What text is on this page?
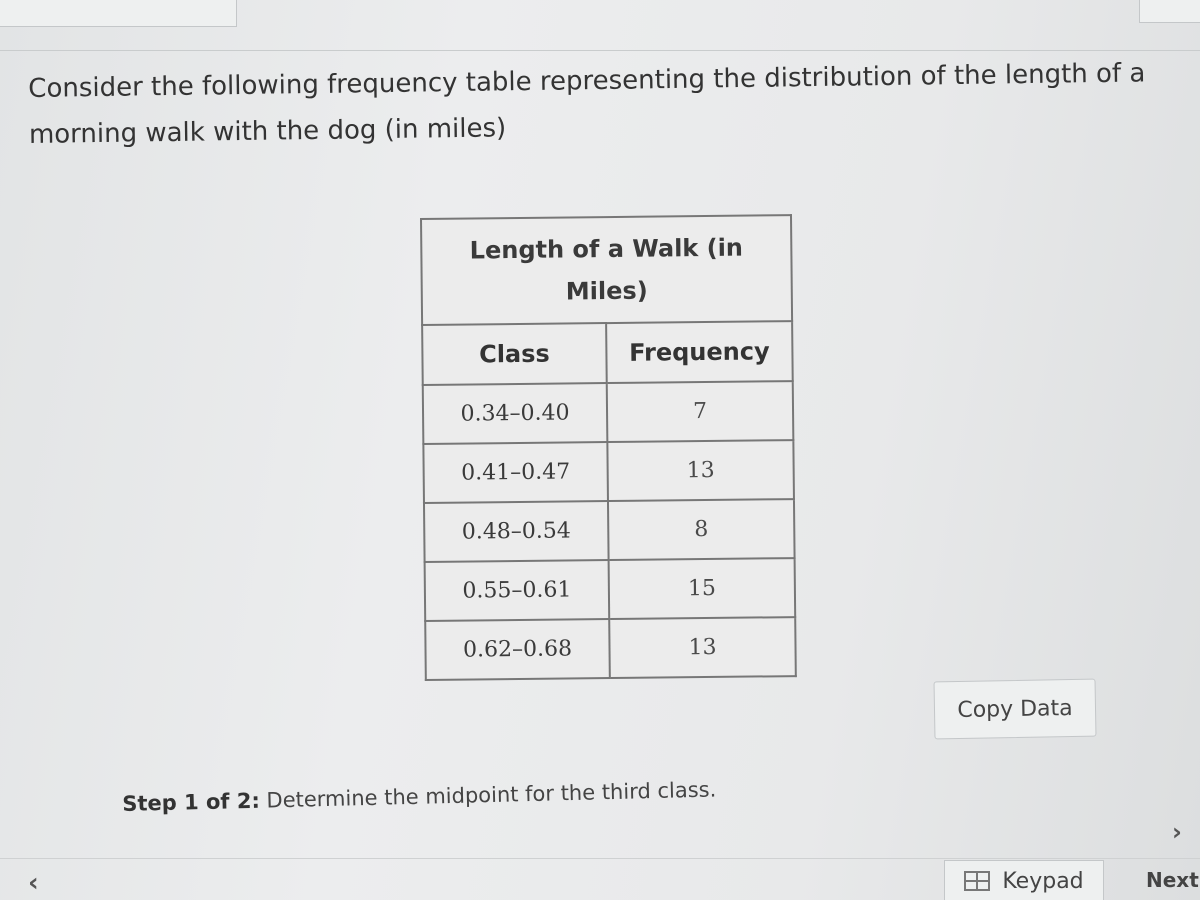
Consider the following frequency table representing the distribution of the length of a morning walk with the dog (in miles)
Length of a Walk (in Miles)	
Class	Frequency
0.34–0.40	7
0.41–0.47	13
0.48–0.54	8
0.55–0.61	15
0.62–0.68	13
Copy Data
Step 1 of 2: Determine the midpoint for the third class.
‹	Keypad
›
Next
